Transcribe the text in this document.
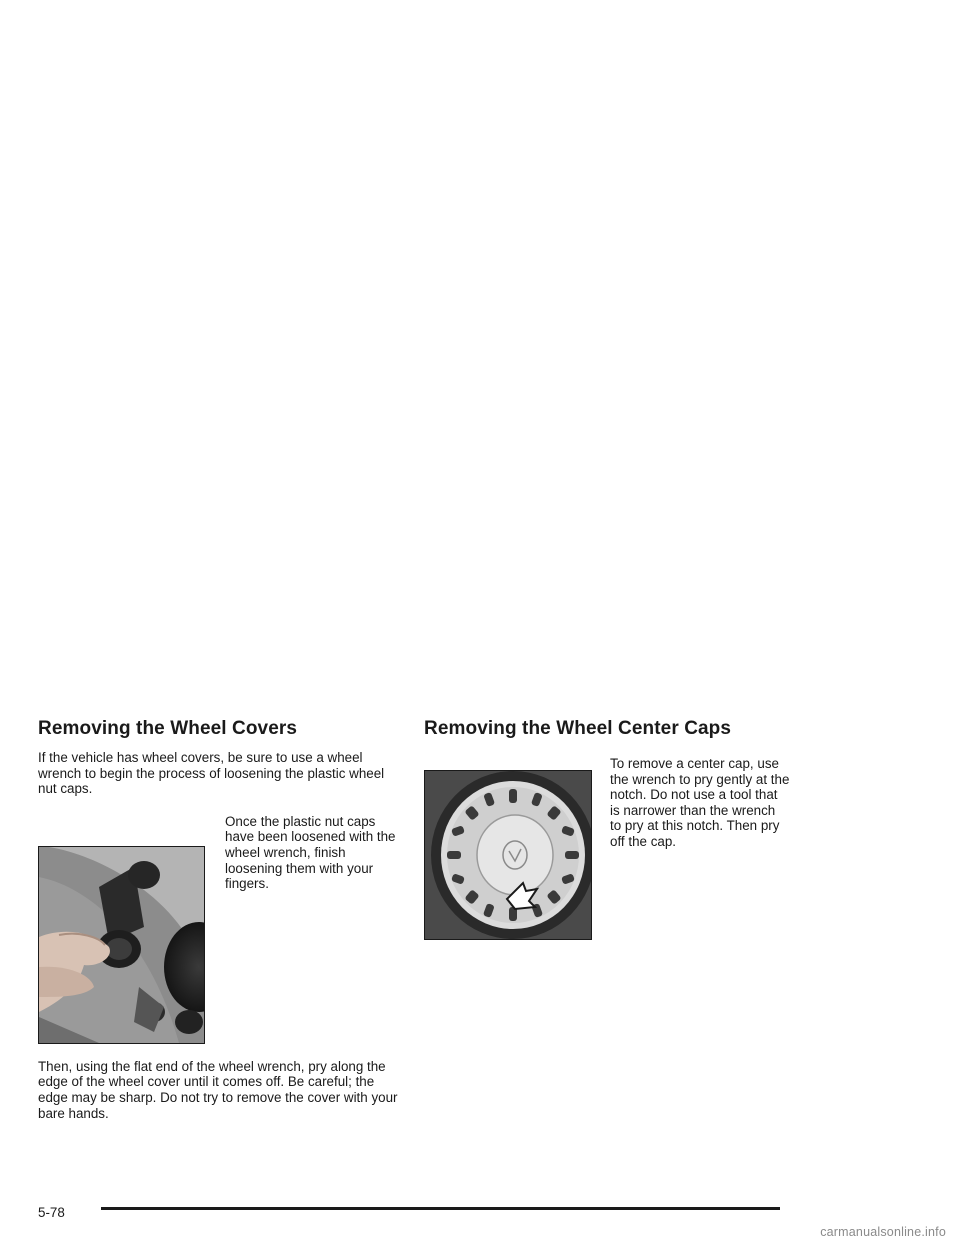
Removing the Wheel Covers

If the vehicle has wheel covers, be sure to use a wheel wrench to begin the process of loosening the plastic wheel nut caps.

Once the plastic nut caps have been loosened with the wheel wrench, finish loosening them with your fingers.

Then, using the flat end of the wheel wrench, pry along the edge of the wheel cover until it comes off. Be careful; the edge may be sharp. Do not try to remove the cover with your bare hands.

Removing the Wheel Center Caps

To remove a center cap, use the wrench to pry gently at the notch. Do not use a tool that is narrower than the wrench to pry at this notch. Then pry off the cap.

5-78
carmanualsonline.info
